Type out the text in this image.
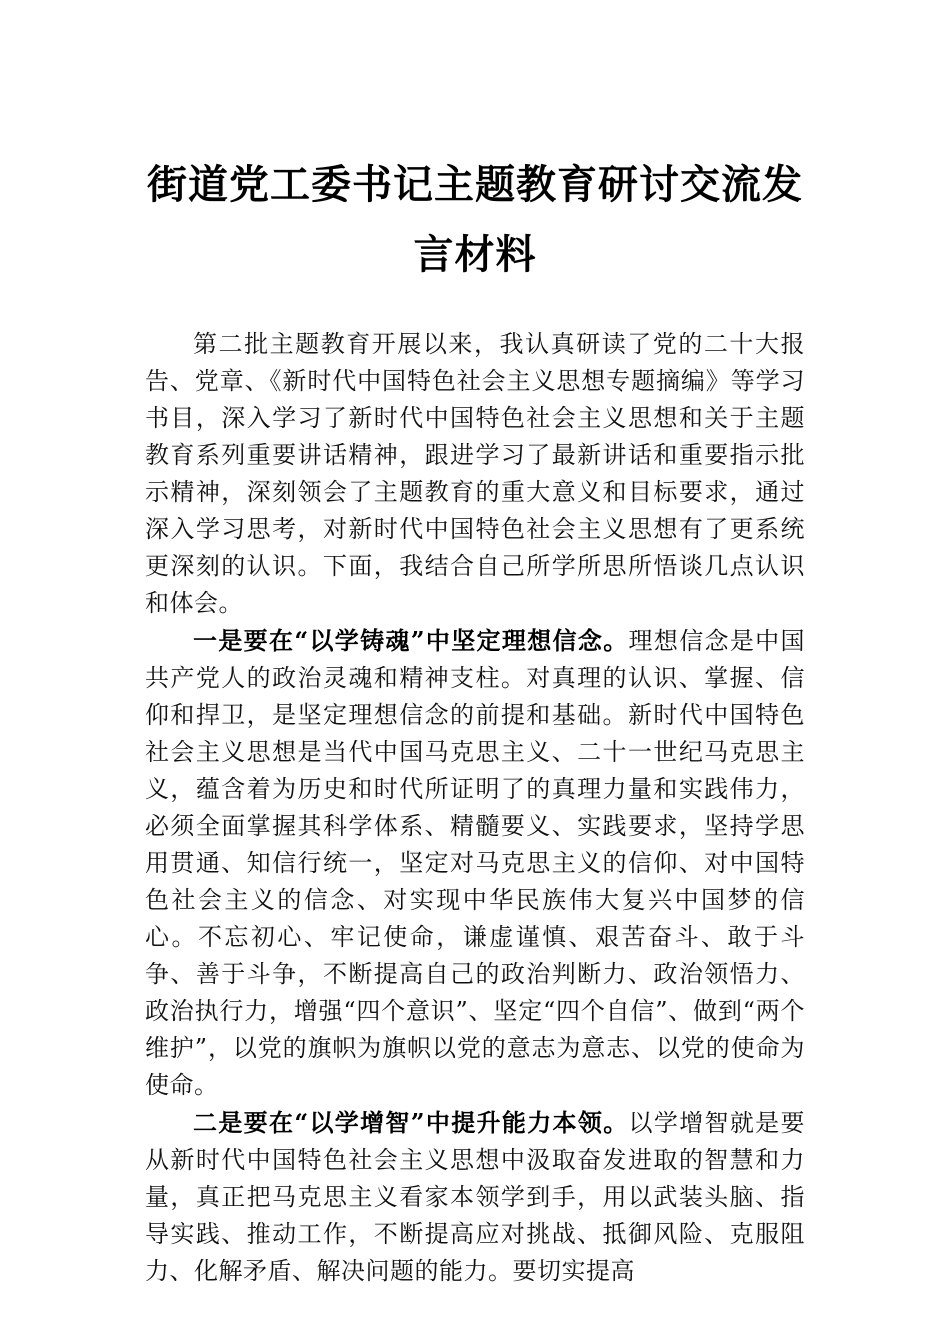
街道党工委书记主题教育研讨交流发言材料

第二批主题教育开展以来，我认真研读了党的二十大报告、党章、《新时代中国特色社会主义思想专题摘编》等学习书目，深入学习了新时代中国特色社会主义思想和关于主题教育系列重要讲话精神，跟进学习了最新讲话和重要指示批示精神，深刻领会了主题教育的重大意义和目标要求，通过深入学习思考，对新时代中国特色社会主义思想有了更系统更深刻的认识。下面，我结合自己所学所思所悟谈几点认识和体会。

一是要在“以学铸魂”中坚定理想信念。理想信念是中国共产党人的政治灵魂和精神支柱。对真理的认识、掌握、信仰和捍卫，是坚定理想信念的前提和基础。新时代中国特色社会主义思想是当代中国马克思主义、二十一世纪马克思主义，蕴含着为历史和时代所证明了的真理力量和实践伟力，必须全面掌握其科学体系、精髓要义、实践要求，坚持学思用贯通、知信行统一，坚定对马克思主义的信仰、对中国特色社会主义的信念、对实现中华民族伟大复兴中国梦的信心。不忘初心、牢记使命，谦虚谨慎、艰苦奋斗、敢于斗争、善于斗争，不断提高自己的政治判断力、政治领悟力、政治执行力，增强“四个意识”、坚定“四个自信”、做到“两个维护”，以党的旗帜为旗帜以党的意志为意志、以党的使命为使命。

二是要在“以学增智”中提升能力本领。以学增智就是要从新时代中国特色社会主义思想中汲取奋发进取的智慧和力量，真正把马克思主义看家本领学到手，用以武装头脑、指导实践、推动工作，不断提高应对挑战、抵御风险、克服阻力、化解矛盾、解决问题的能力。要切实提高
